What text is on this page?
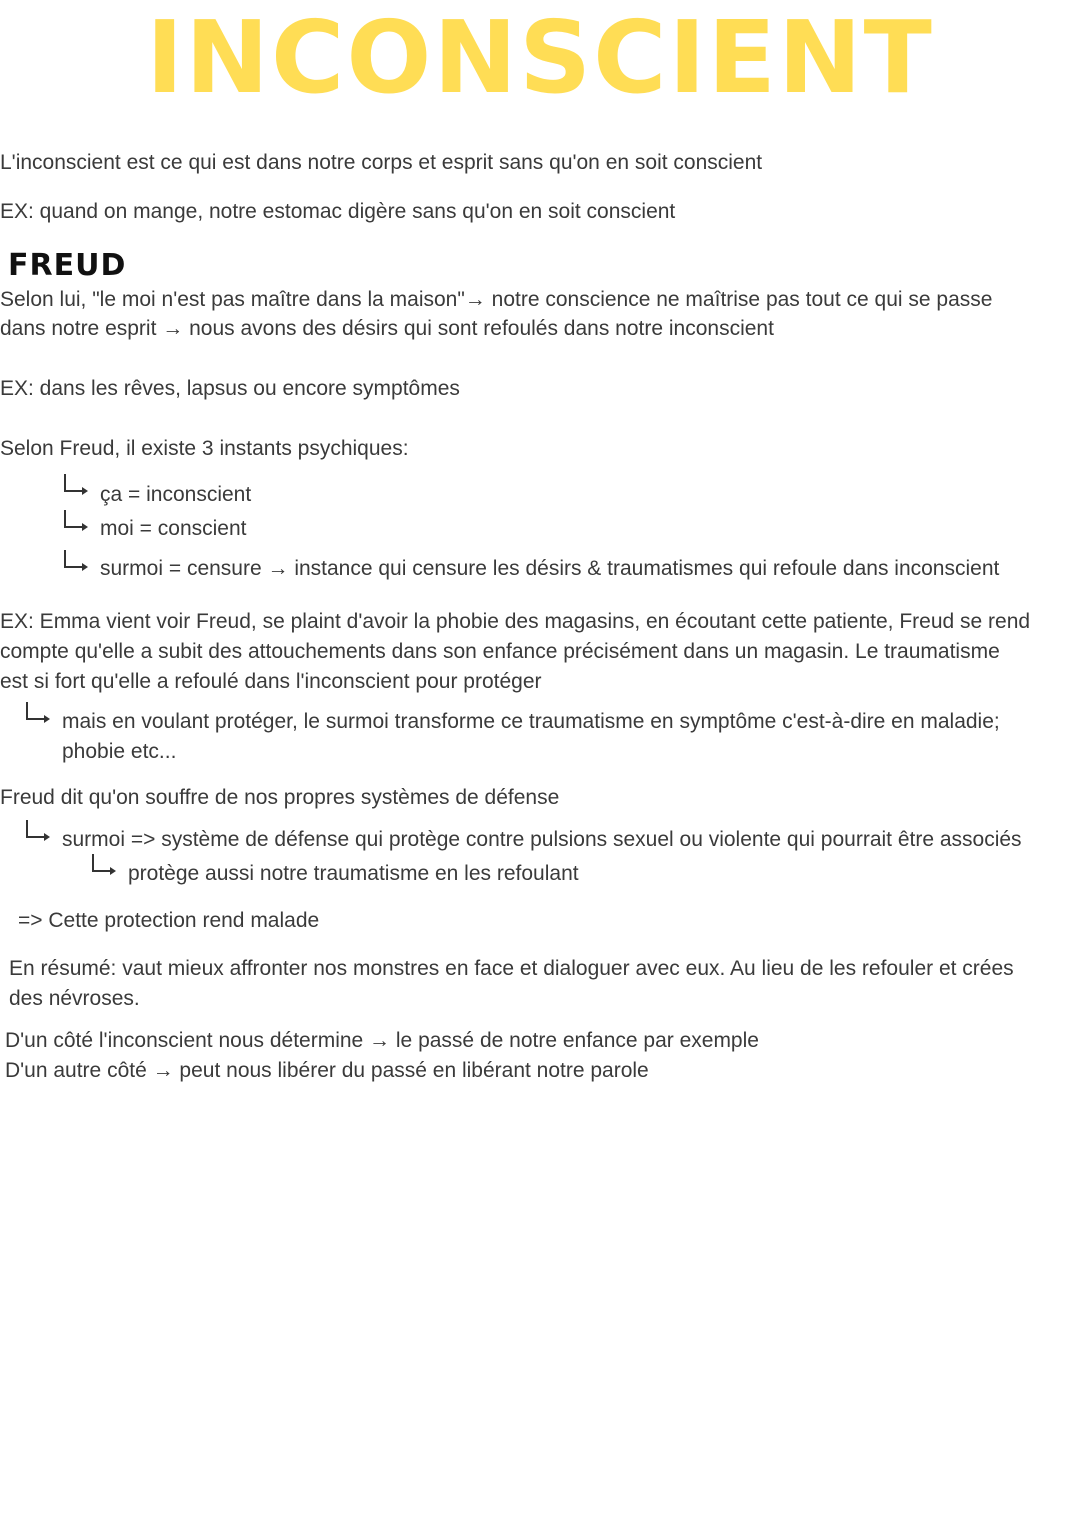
INCONSCIENT
L'inconscient est ce qui est dans notre corps et esprit sans qu'on en soit conscient
EX: quand on mange, notre estomac digère sans qu'on en soit conscient
FREUD
Selon lui, "le moi n'est pas maître dans la maison"→ notre conscience ne maîtrise pas tout ce qui se passe
dans notre esprit → nous avons des désirs qui sont refoulés dans notre inconscient
EX: dans les rêves, lapsus ou encore symptômes
Selon Freud, il existe 3 instants psychiques:
ça = inconscient
moi = conscient
surmoi = censure → instance qui censure les désirs & traumatismes qui refoule dans inconscient
EX: Emma vient voir Freud, se plaint d'avoir la phobie des magasins, en écoutant cette patiente, Freud se rend
compte qu'elle a subit des attouchements dans son enfance précisément dans un magasin. Le traumatisme
est si fort qu'elle a refoulé dans l'inconscient pour protéger
mais en voulant protéger, le surmoi transforme ce traumatisme en symptôme c'est-à-dire en maladie;
phobie etc...
Freud dit qu'on souffre de nos propres systèmes de défense
surmoi => système de défense qui protège contre pulsions sexuel ou violente qui pourrait être associés
protège aussi notre traumatisme en les refoulant
=> Cette protection rend malade
En résumé: vaut mieux affronter nos monstres en face et dialoguer avec eux. Au lieu de les refouler et crées
des névroses.
D'un côté l'inconscient nous détermine → le passé de notre enfance par exemple
D'un autre côté → peut nous libérer du passé en libérant notre parole
